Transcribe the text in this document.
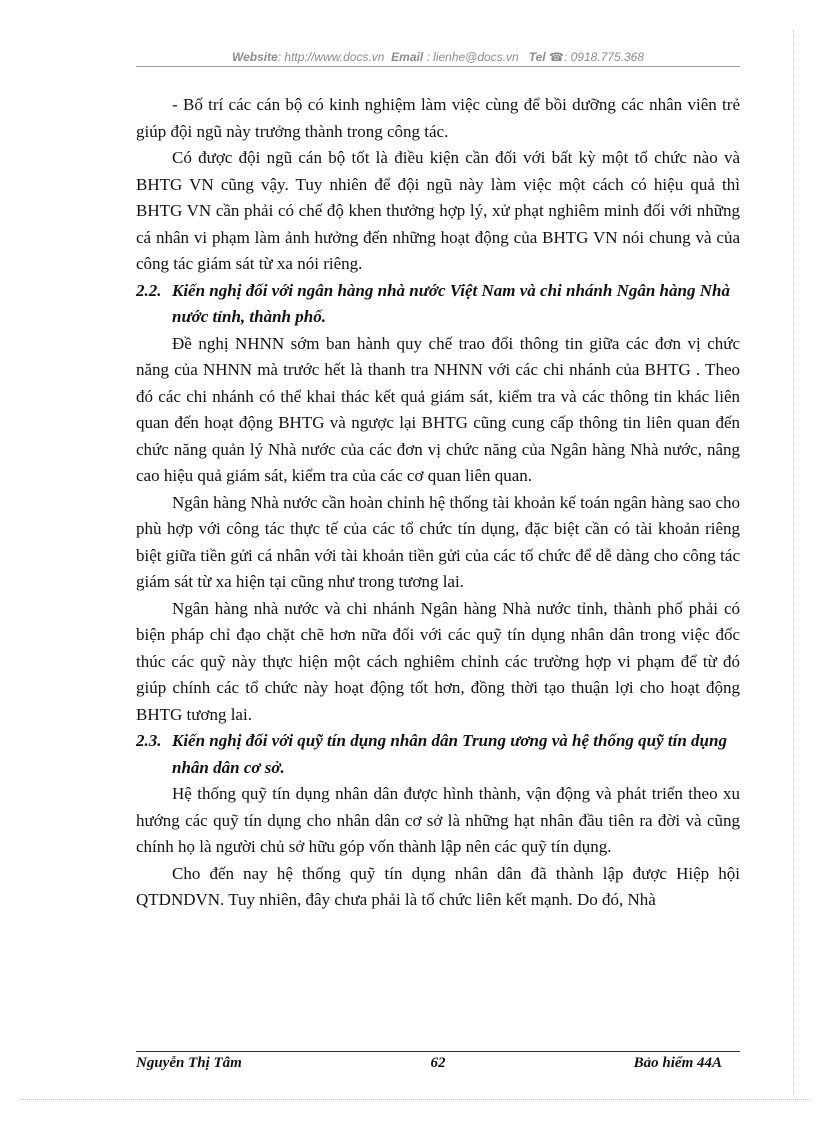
Website: http://www.docs.vn Email : lienhe@docs.vn Tel ☎: 0918.775.368

- Bố trí các cán bộ có kinh nghiệm làm việc cùng để bồi dưỡng các nhân viên trẻ giúp đội ngũ này trưởng thành trong công tác.

Có được đội ngũ cán bộ tốt là điều kiện cần đối với bất kỳ một tổ chức nào và BHTG VN cũng vậy. Tuy nhiên để đội ngũ này làm việc một cách có hiệu quả thì BHTG VN cần phải có chế độ khen thưởng hợp lý, xử phạt nghiêm minh đối với những cá nhân vi phạm làm ảnh hưởng đến những hoạt động của BHTG VN nói chung và của công tác giám sát từ xa nói riêng.

2.2. Kiến nghị đối với ngân hàng nhà nước Việt Nam và chi nhánh Ngân hàng Nhà nước tỉnh, thành phố.

Đề nghị NHNN sớm ban hành quy chế trao đổi thông tin giữa các đơn vị chức năng của NHNN mà trước hết là thanh tra NHNN với các chi nhánh của BHTG . Theo đó các chi nhánh có thể khai thác kết quả giám sát, kiểm tra và các thông tin khác liên quan đến hoạt động BHTG và ngược lại BHTG cũng cung cấp thông tin liên quan đến chức năng quản lý Nhà nước của các đơn vị chức năng của Ngân hàng Nhà nước, nâng cao hiệu quả giám sát, kiểm tra của các cơ quan liên quan.

Ngân hàng Nhà nước cần hoàn chỉnh hệ thống tài khoản kế toán ngân hàng sao cho phù hợp với công tác thực tế của các tổ chức tín dụng, đặc biệt cần có tài khoản riêng biệt giữa tiền gửi cá nhân với tài khoản tiền gửi của các tổ chức để dễ dàng cho công tác giám sát từ xa hiện tại cũng như trong tương lai.

Ngân hàng nhà nước và chi nhánh Ngân hàng Nhà nước tỉnh, thành phố phải có biện pháp chỉ đạo chặt chẽ hơn nữa đối với các quỹ tín dụng nhân dân trong việc đốc thúc các quỹ này thực hiện một cách nghiêm chỉnh các trường hợp vi phạm để từ đó giúp chính các tổ chức này hoạt động tốt hơn, đồng thời tạo thuận lợi cho hoạt động BHTG tương lai.

2.3. Kiến nghị đối với quỹ tín dụng nhân dân Trung ương và hệ thống quỹ tín dụng nhân dân cơ sở.

Hệ thống quỹ tín dụng nhân dân được hình thành, vận động và phát triển theo xu hướng các quỹ tín dụng cho nhân dân cơ sở là những hạt nhân đầu tiên ra đời và cũng chính họ là người chủ sở hữu góp vốn thành lập nên các quỹ tín dụng.

Cho đến nay hệ thống quỹ tín dụng nhân dân đã thành lập được Hiệp hội QTDNDVN. Tuy nhiên, đây chưa phải là tổ chức liên kết mạnh. Do đó, Nhà

Nguyễn Thị Tâm	62	Bảo hiểm 44A
